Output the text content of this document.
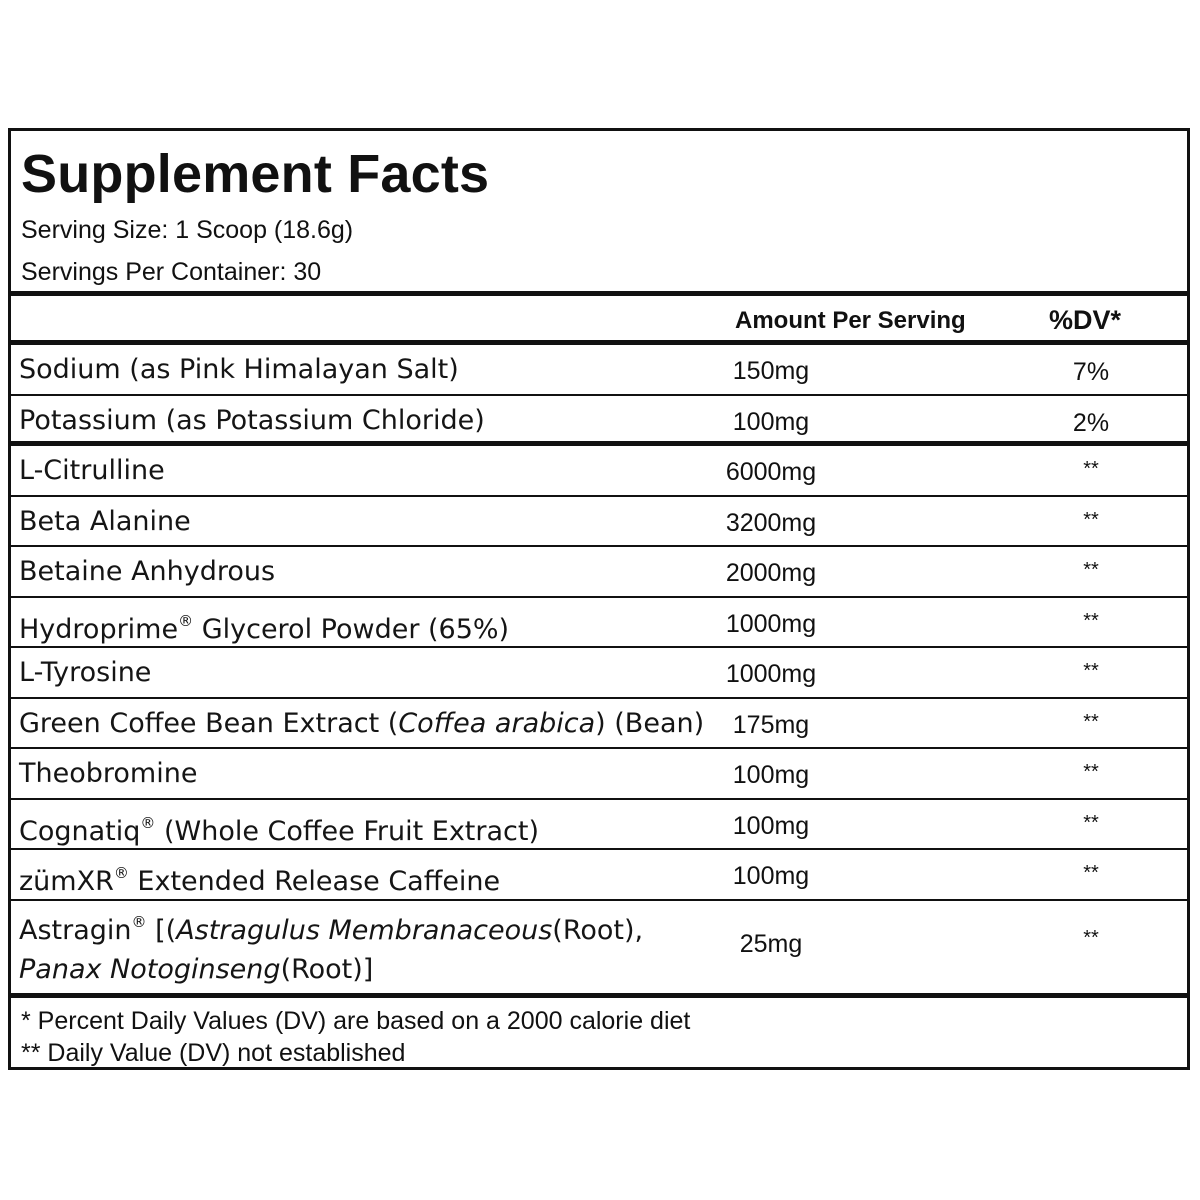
Supplement Facts
Serving Size: 1 Scoop (18.6g)
Servings Per Container: 30
Amount Per Serving	%DV*
Sodium (as Pink Himalayan Salt)	150mg	7%
Potassium (as Potassium Chloride)	100mg	2%
L-Citrulline	6000mg	**
Beta Alanine	3200mg	**
Betaine Anhydrous	2000mg	**
Hydroprime® Glycerol Powder (65%)	1000mg	**
L-Tyrosine	1000mg	**
Green Coffee Bean Extract (Coffea arabica) (Bean)	175mg	**
Theobromine	100mg	**
Cognatiq® (Whole Coffee Fruit Extract)	100mg	**
zümXR® Extended Release Caffeine	100mg	**
Astragin® [(Astragulus Membranaceous(Root),
Panax Notoginseng(Root)]
25mg	**
* Percent Daily Values (DV) are based on a 2000 calorie diet
** Daily Value (DV) not established
